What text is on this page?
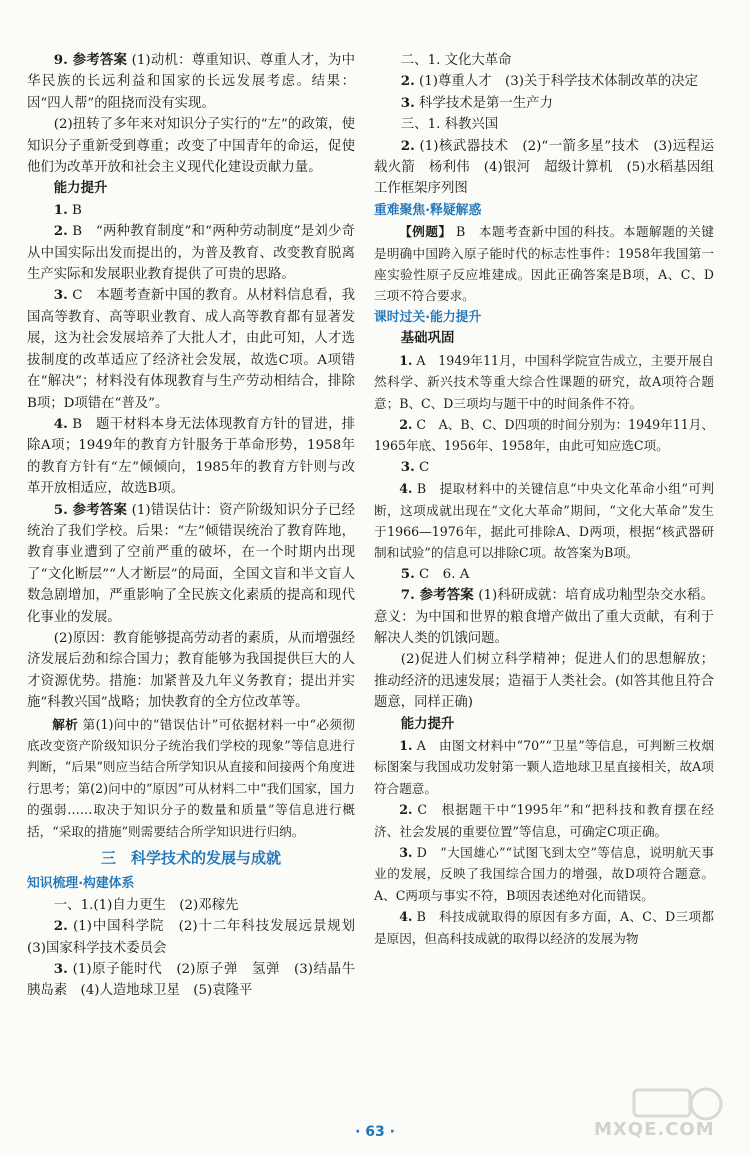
9. 参考答案 (1)动机：尊重知识、尊重人才，为中华民族的长远利益和国家的长远发展考虑。结果：因“四人帮”的阻挠而没有实现。

(2)扭转了多年来对知识分子实行的“左”的政策，使知识分子重新受到尊重；改变了中国青年的命运，促使他们为改革开放和社会主义现代化建设贡献力量。

能力提升

1. B

2. B　“两种教育制度”和“两种劳动制度”是刘少奇从中国实际出发而提出的，为普及教育、改变教育脱离生产实际和发展职业教育提供了可贵的思路。

3. C　本题考查新中国的教育。从材料信息看，我国高等教育、高等职业教育、成人高等教育都有显著发展，这为社会发展培养了大批人才，由此可知，人才选拔制度的改革适应了经济社会发展，故选C项。A项错在“解决”；材料没有体现教育与生产劳动相结合，排除B项；D项错在“普及”。

4. B　题干材料本身无法体现教育方针的冒进，排除A项；1949年的教育方针服务于革命形势，1958年的教育方针有“左”倾倾向，1985年的教育方针则与改革开放相适应，故选B项。

5. 参考答案 (1)错误估计：资产阶级知识分子已经统治了我们学校。后果：“左”倾错误统治了教育阵地，教育事业遭到了空前严重的破坏，在一个时期内出现了“文化断层”“人才断层”的局面，全国文盲和半文盲人数急剧增加，严重影响了全民族文化素质的提高和现代化事业的发展。

(2)原因：教育能够提高劳动者的素质，从而增强经济发展后劲和综合国力；教育能够为我国提供巨大的人才资源优势。措施：加紧普及九年义务教育；提出并实施“科教兴国”战略；加快教育的全方位改革等。

解析 第(1)问中的“错误估计”可依据材料一中“必须彻底改变资产阶级知识分子统治我们学校的现象”等信息进行判断，“后果”则应当结合所学知识从直接和间接两个角度进行思考；第(2)问中的“原因”可从材料二中“我们国家，国力的强弱……取决于知识分子的数量和质量”等信息进行概括，“采取的措施”则需要结合所学知识进行归纳。

三　科学技术的发展与成就

知识梳理·构建体系

一、1.(1)自力更生　(2)邓稼先

2. (1)中国科学院　(2)十二年科技发展远景规划　(3)国家科学技术委员会

3. (1)原子能时代　(2)原子弹　氢弹　(3)结晶牛胰岛素　(4)人造地球卫星　(5)袁隆平

二、1. 文化大革命

2. (1)尊重人才　(3)关于科学技术体制改革的决定

3. 科学技术是第一生产力

三、1. 科教兴国

2. (1)核武器技术　(2)“一箭多星”技术　(3)远程运载火箭　杨利伟　(4)银河　超级计算机　(5)水稻基因组工作框架序列图

重难聚焦·释疑解惑

【例题】 B　本题考查新中国的科技。本题解题的关键是明确中国跨入原子能时代的标志性事件：1958年我国第一座实验性原子反应堆建成。因此正确答案是B项，A、C、D三项不符合要求。

课时过关·能力提升

基础巩固

1. A　1949年11月，中国科学院宣告成立，主要开展自然科学、新兴技术等重大综合性课题的研究，故A项符合题意；B、C、D三项均与题干中的时间条件不符。

2. C　A、B、C、D四项的时间分别为：1949年11月、1965年底、1956年、1958年，由此可知应选C项。

3. C

4. B　提取材料中的关键信息“中央文化革命小组”可判断，这项成就出现在“文化大革命”期间，“文化大革命”发生于1966—1976年，据此可排除A、D两项，根据“核武器研制和试验”的信息可以排除C项。故答案为B项。

5. C　6. A

7. 参考答案 (1)科研成就：培育成功籼型杂交水稻。意义：为中国和世界的粮食增产做出了重大贡献，有利于解决人类的饥饿问题。

(2)促进人们树立科学精神；促进人们的思想解放；推动经济的迅速发展；造福于人类社会。(如答其他且符合题意，同样正确)

能力提升

1. A　由图文材料中“70”“卫星”等信息，可判断三枚烟标图案与我国成功发射第一颗人造地球卫星直接相关，故A项符合题意。

2. C　根据题干中“1995年”和“把科技和教育摆在经济、社会发展的重要位置”等信息，可确定C项正确。

3. D　“大国雄心”“试图飞到太空”等信息，说明航天事业的发展，反映了我国综合国力的增强，故D项符合题意。A、C两项与事实不符，B项因表述绝对化而错误。

4. B　科技成就取得的原因有多方面，A、C、D三项都是原因，但高科技成就的取得以经济的发展为物

· 63 ·	MXQE.COM
